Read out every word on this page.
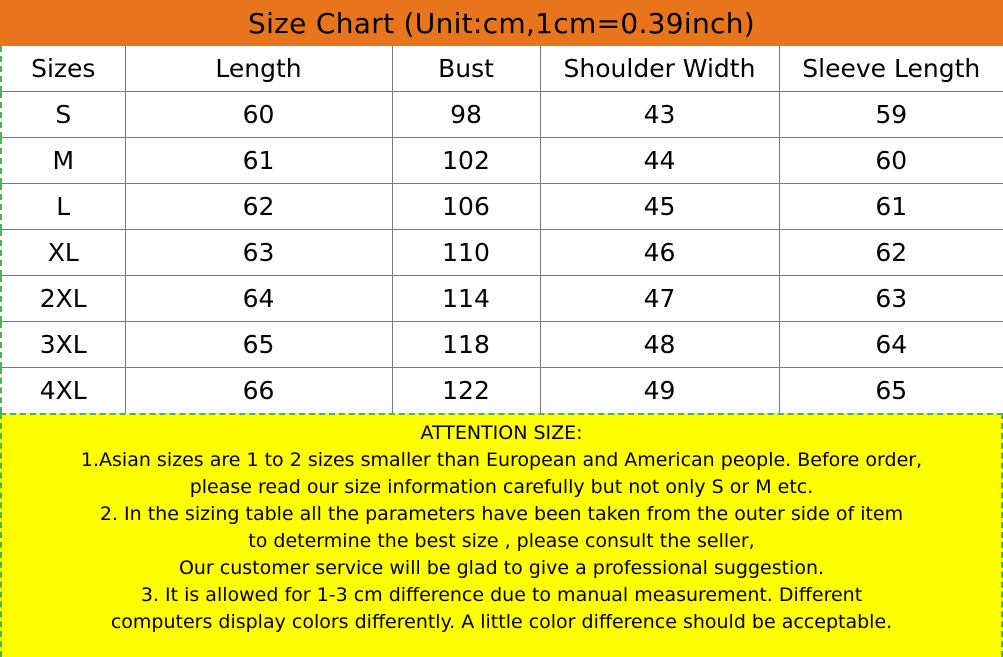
Size Chart (Unit:cm,1cm=0.39inch)
Sizes	Length	Bust	Shoulder Width	Sleeve Length
S	60	98	43	59
M	61	102	44	60
L	62	106	45	61
XL	63	110	46	62
2XL	64	114	47	63
3XL	65	118	48	64
4XL	66	122	49	65
ATTENTION SIZE:
1.Asian sizes are 1 to 2 sizes smaller than European and American people. Before order,
please read our size information carefully but not only S or M etc.
2. In the sizing table all the parameters have been taken from the outer side of item
to determine the best size , please consult the seller,
Our customer service will be glad to give a professional suggestion.
3. It is allowed for 1-3 cm difference due to manual measurement. Different
computers display colors differently. A little color difference should be acceptable.
